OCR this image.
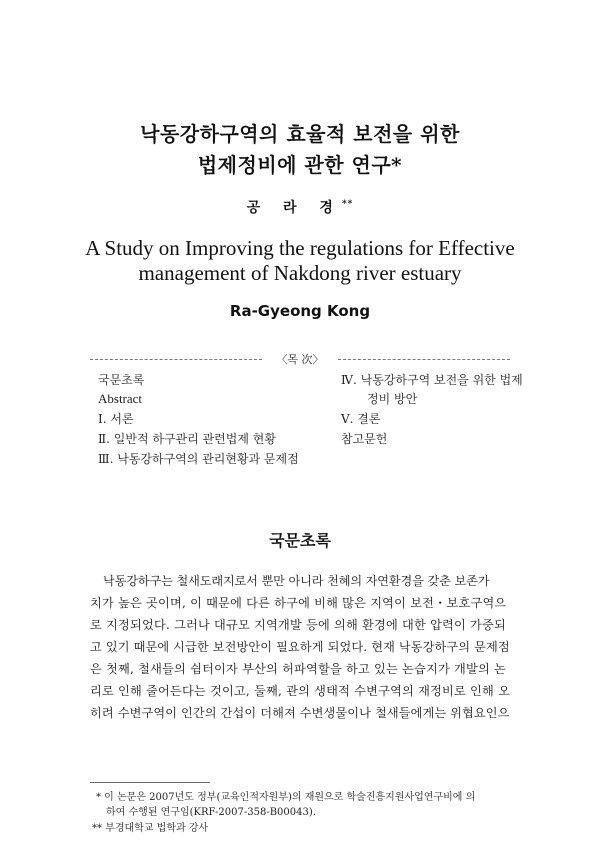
낙동강하구역의 효율적 보전을 위한
법제정비에 관한 연구*
공 라 경**
A Study on Improving the regulations for Effective
management of Nakdong river estuary
Ra-Gyeong Kong
〈목 次〉
국문초록
Abstract
Ⅰ. 서론
Ⅱ. 일반적 하구관리 관련법제 현황
Ⅲ. 낙동강하구역의 관리현황과 문제점
Ⅳ. 낙동강하구역 보전을 위한 법제
정비 방안
Ⅴ. 결론
참고문헌
국문초록
낙동강하구는 철새도래지로서 뿐만 아니라 천혜의 자연환경을 갖춘 보존가
치가 높은 곳이며, 이 때문에 다른 하구에 비해 많은 지역이 보전・보호구역으
로 지정되었다. 그러나 대규모 지역개발 등에 의해 환경에 대한 압력이 가중되
고 있기 때문에 시급한 보전방안이 필요하게 되었다. 현재 낙동강하구의 문제점
은 첫째, 철새들의 쉼터이자 부산의 허파역할을 하고 있는 논습지가 개발의 논
리로 인해 줄어든다는 것이고, 둘째, 관의 생태적 수변구역의 재정비로 인해 오
히려 수변구역이 인간의 간섭이 더해져 수변생물이나 철새들에게는 위협요인으
* 이 논문은 2007년도 정부(교육인적자원부)의 재원으로 학술진흥지원사업연구비에 의
하여 수행된 연구임(KRF-2007-358-B00043).
** 부경대학교 법학과 강사
